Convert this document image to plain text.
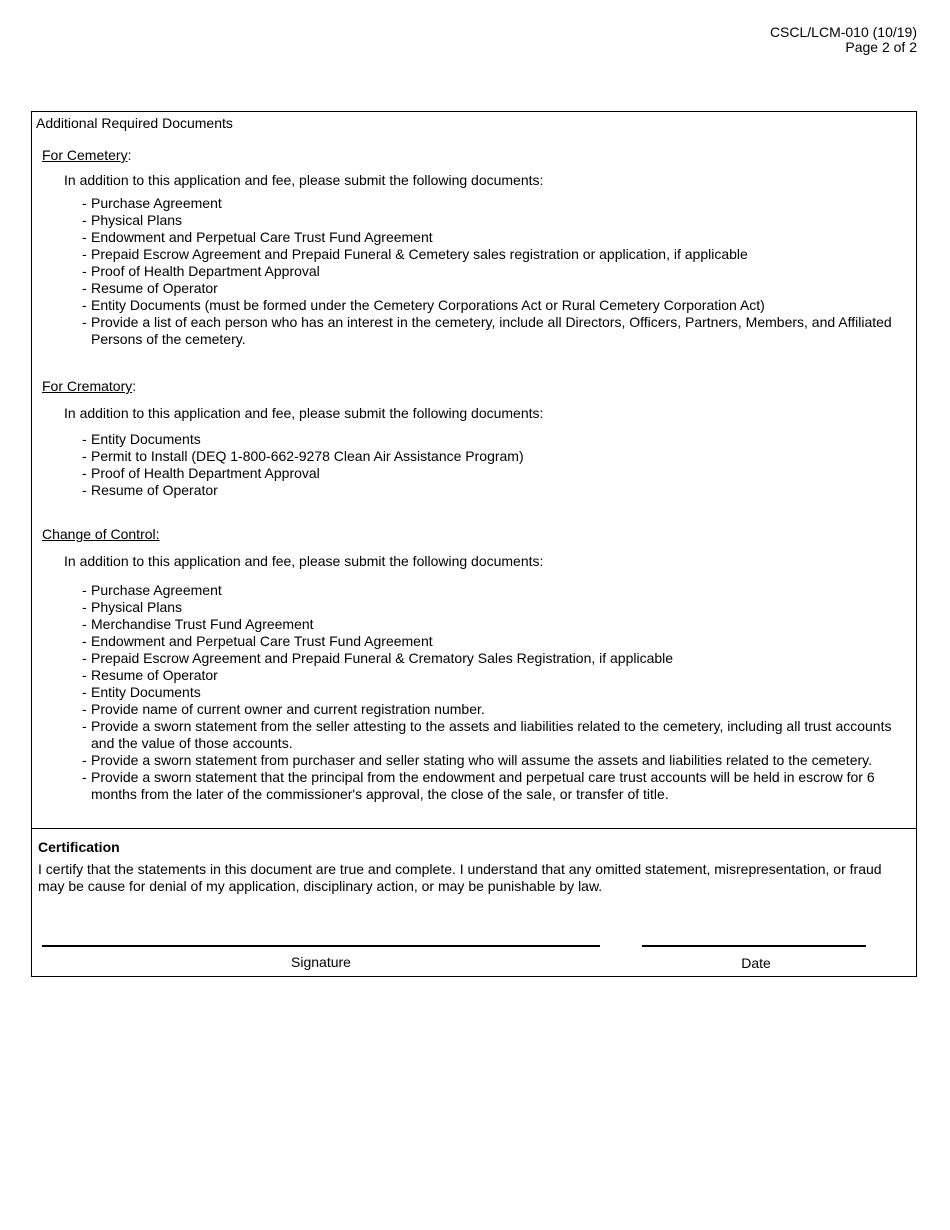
CSCL/LCM-010 (10/19)
Page 2 of 2
Additional Required Documents
For Cemetery:
In addition to this application and fee, please submit the following documents:
- Purchase Agreement
- Physical Plans
- Endowment and Perpetual Care Trust Fund Agreement
- Prepaid Escrow Agreement and Prepaid Funeral & Cemetery sales registration or application, if applicable
- Proof of Health Department Approval
- Resume of Operator
- Entity Documents (must be formed under the Cemetery Corporations Act or Rural Cemetery Corporation Act)
- Provide a list of each person who has an interest in the cemetery, include all Directors, Officers, Partners, Members, and Affiliated Persons of the cemetery.
For Crematory:
In addition to this application and fee, please submit the following documents:
- Entity Documents
- Permit to Install (DEQ 1-800-662-9278 Clean Air Assistance Program)
- Proof of Health Department Approval
- Resume of Operator
Change of Control:
In addition to this application and fee, please submit the following documents:
- Purchase Agreement
- Physical Plans
- Merchandise Trust Fund Agreement
- Endowment and Perpetual Care Trust Fund Agreement
- Prepaid Escrow Agreement and Prepaid Funeral & Crematory Sales Registration, if applicable
- Resume of Operator
- Entity Documents
- Provide name of current owner and current registration number.
- Provide a sworn statement from the seller attesting to the assets and liabilities related to the cemetery, including all trust accounts and the value of those accounts.
- Provide a sworn statement from purchaser and seller stating who will assume the assets and liabilities related to the cemetery.
- Provide a sworn statement that the principal from the endowment and perpetual care trust accounts will be held in escrow for 6 months from the later of the commissioner's approval, the close of the sale, or transfer of title.
Certification
I certify that the statements in this document are true and complete. I understand that any omitted statement, misrepresentation, or fraud may be cause for denial of my application, disciplinary action, or may be punishable by law.
Signature	Date
